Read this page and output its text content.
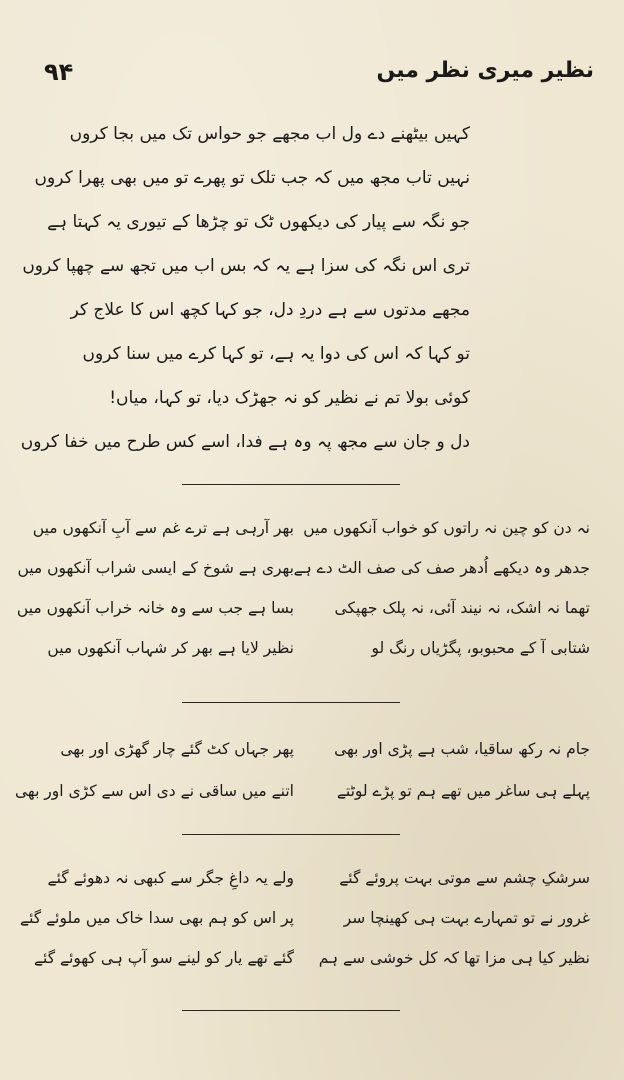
۹۴	نظیر میری نظر میں
کہیں بیٹھنے دے ول اب مجھے جو حواس تک میں بجا کروں
نہیں تاب مجھ میں کہ جب تلک تو پھرے تو میں بھی پھرا کروں
جو نگہ سے پیار کی دیکھوں ٹک تو چڑھا کے تیوری یہ کہتا ہے
تری اس نگہ کی سزا ہے یہ کہ بس اب میں تجھ سے چھپا کروں
مجھے مدتوں سے ہے دردِ دل، جو کہا کچھ اس کا علاج کر
تو کہا کہ اس کی دوا یہ ہے، تو کہا کرے میں سنا کروں
کوئی بولا تم نے نظیر کو نہ جھڑک دیا، تو کہا، میاں!
دل و جان سے مجھ پہ وہ ہے فدا، اسے کس طرح میں خفا کروں
نہ دن کو چین نہ راتوں کو خواب آنکھوں میں
جدھر وہ دیکھے اُدھر صف کی صف الٹ دے ہے
تھما نہ اشک، نہ نیند آئی، نہ پلک جھپکی
شتابی آ کے محبوبو، پگڑیاں رنگ لو
بھر آرہی ہے ترے غم سے آبِ آنکھوں میں
بھری ہے شوخ کے ایسی شراب آنکھوں میں
بسا ہے جب سے وہ خانہ خراب آنکھوں میں
نظیر لایا ہے بھر کر شہاب آنکھوں میں
جام نہ رکھ ساقیا، شب ہے پڑی اور بھی
پہلے ہی ساغر میں تھے ہم تو پڑے لوٹتے
پھر جہاں کٹ گئے چار گھڑی اور بھی
اتنے میں ساقی نے دی اس سے کڑی اور بھی
سرشکِ چشم سے موتی بہت پروئے گئے
غرور نے تو تمہارے بہت ہی کھینچا سر
نظیر کیا ہی مزا تھا کہ کل خوشی سے ہم
ولے یہ داغِ جگر سے کبھی نہ دھوئے گئے
پر اس کو ہم بھی سدا خاک میں ملوئے گئے
گئے تھے یار کو لینے سو آپ ہی کھوئے گئے
